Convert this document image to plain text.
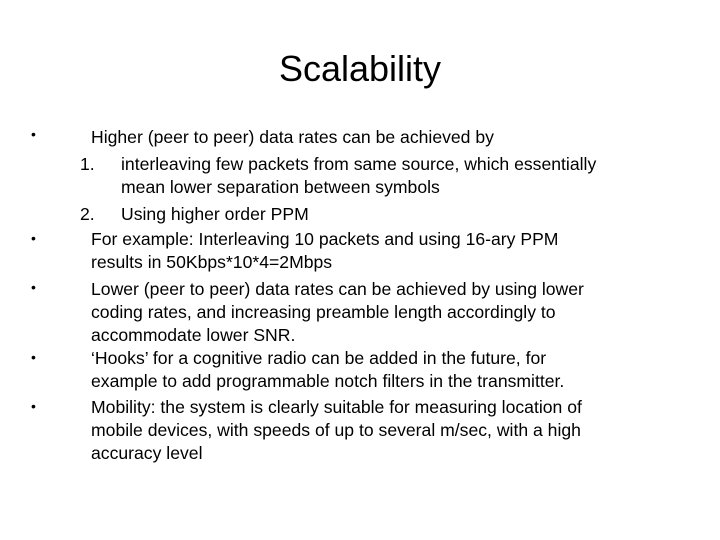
Scalability
•	Higher (peer to peer) data rates can be achieved by
1. interleaving few packets from same source, which essentially
mean lower separation between symbols
2. Using higher order PPM
•	For example: Interleaving 10 packets and using 16-ary PPM
results in 50Kbps*10*4=2Mbps
•	Lower (peer to peer) data rates can be achieved by using lower
coding rates, and increasing preamble length accordingly to
accommodate lower SNR.
•	‘Hooks’ for a cognitive radio can be added in the future, for
example to add programmable notch filters in the transmitter.
•	Mobility: the system is clearly suitable for measuring location of
mobile devices, with speeds of up to several m/sec, with a high
accuracy level
